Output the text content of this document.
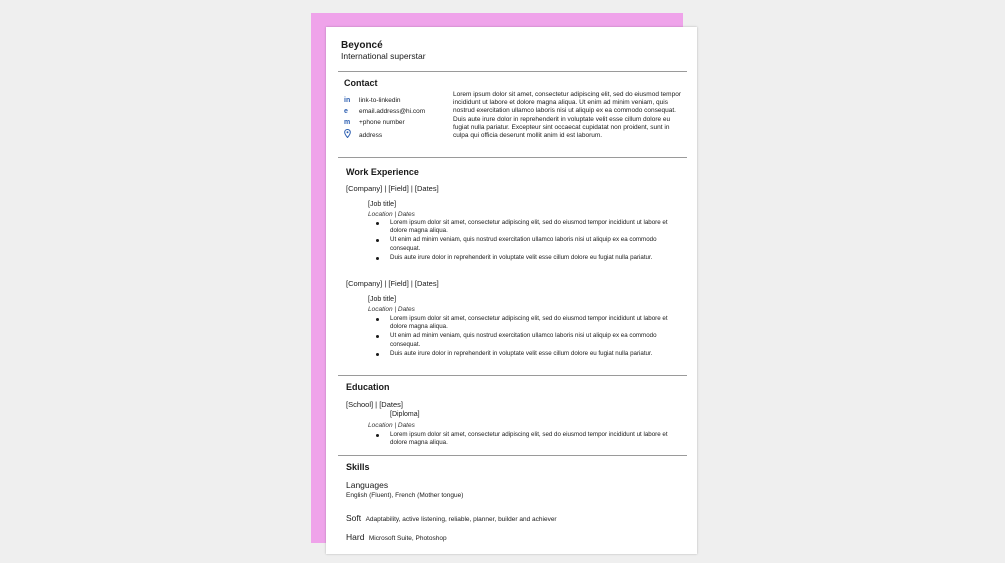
Beyoncé
International superstar
Contact
in link-to-linkedin
e email.address@hi.com
m +phone number
address
Lorem ipsum dolor sit amet, consectetur adipiscing elit, sed do eiusmod tempor incididunt ut labore et dolore magna aliqua. Ut enim ad minim veniam, quis nostrud exercitation ullamco laboris nisi ut aliquip ex ea commodo consequat. Duis aute irure dolor in reprehenderit in voluptate velit esse cillum dolore eu fugiat nulla pariatur. Excepteur sint occaecat cupidatat non proident, sunt in culpa qui officia deserunt mollit anim id est laborum.
Work Experience
[Company] | [Field] | [Dates]
[Job title]
Location | Dates
Lorem ipsum dolor sit amet, consectetur adipiscing elit, sed do eiusmod tempor incididunt ut labore et dolore magna aliqua.
Ut enim ad minim veniam, quis nostrud exercitation ullamco laboris nisi ut aliquip ex ea commodo consequat.
Duis aute irure dolor in reprehenderit in voluptate velit esse cillum dolore eu fugiat nulla pariatur.
[Company] | [Field] | [Dates]
[Job title]
Location | Dates
Lorem ipsum dolor sit amet, consectetur adipiscing elit, sed do eiusmod tempor incididunt ut labore et dolore magna aliqua.
Ut enim ad minim veniam, quis nostrud exercitation ullamco laboris nisi ut aliquip ex ea commodo consequat.
Duis aute irure dolor in reprehenderit in voluptate velit esse cillum dolore eu fugiat nulla pariatur.
Education
[School] | [Dates]
[Diploma]
Location | Dates
Lorem ipsum dolor sit amet, consectetur adipiscing elit, sed do eiusmod tempor incididunt ut labore et dolore magna aliqua.
Skills
Languages
English (Fluent), French (Mother tongue)
Soft Adaptability, active listening, reliable, planner, builder and achiever
Hard Microsoft Suite, Photoshop
